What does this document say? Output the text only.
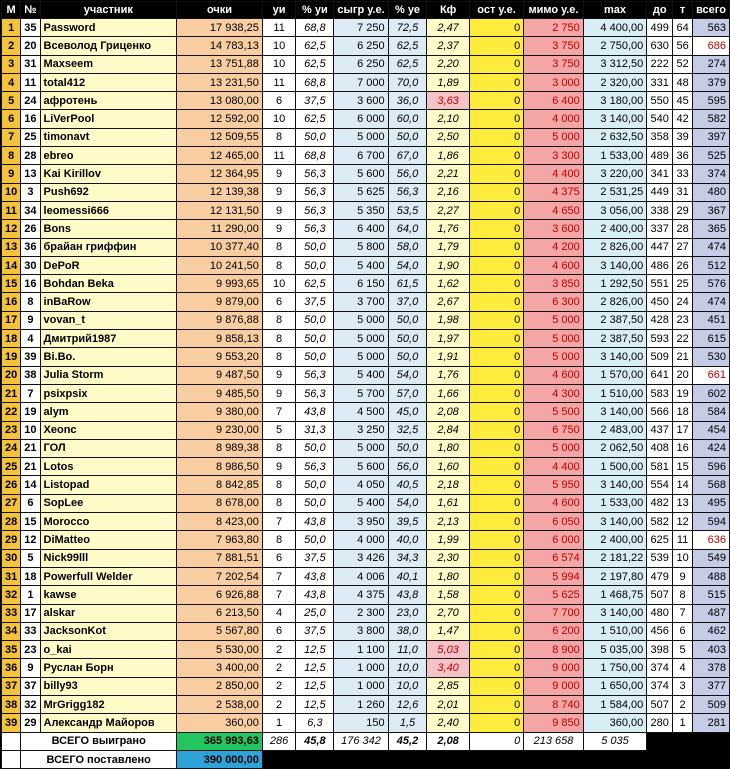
М	№	участник	очки	уи	% уи	сыгр у.е.	% уе	Кф	ост у.е.	мимо у.е.	max	до	т	всего
1	35	Password	17 938,25	11	68,8	7 250	72,5	2,47	0	2 750	4 400,00	499	64	563
2	20	Всеволод Гриценко	14 783,13	10	62,5	6 250	62,5	2,37	0	3 750	2 750,00	630	56	686
3	31	Maxseem	13 751,88	10	62,5	6 250	62,5	2,20	0	3 750	3 312,50	222	52	274
4	11	total412	13 231,50	11	68,8	7 000	70,0	1,89	0	3 000	2 320,00	331	48	379
5	24	афротень	13 080,00	6	37,5	3 600	36,0	3,63	0	6 400	3 180,00	550	45	595
6	16	LiVerPool	12 592,00	10	62,5	6 000	60,0	2,10	0	4 000	3 140,00	540	42	582
7	25	timonavt	12 509,55	8	50,0	5 000	50,0	2,50	0	5 000	2 632,50	358	39	397
8	28	ebreo	12 465,00	11	68,8	6 700	67,0	1,86	0	3 300	1 533,00	489	36	525
9	13	Kai Kirillov	12 364,95	9	56,3	5 600	56,0	2,21	0	4 400	3 220,00	341	33	374
10	3	Push692	12 139,38	9	56,3	5 625	56,3	2,16	0	4 375	2 531,25	449	31	480
11	34	leomessi666	12 131,50	9	56,3	5 350	53,5	2,27	0	4 650	3 056,00	338	29	367
12	26	Bons	11 290,00	9	56,3	6 400	64,0	1,76	0	3 600	2 400,00	337	28	365
13	36	брайан гриффин	10 377,40	8	50,0	5 800	58,0	1,79	0	4 200	2 826,00	447	27	474
14	30	DePoR	10 241,50	8	50,0	5 400	54,0	1,90	0	4 600	3 140,00	486	26	512
15	16	Bohdan Beka	9 993,65	10	62,5	6 150	61,5	1,62	0	3 850	1 292,50	551	25	576
16	8	inBaRow	9 879,00	6	37,5	3 700	37,0	2,67	0	6 300	2 826,00	450	24	474
17	9	vovan_t	9 876,88	8	50,0	5 000	50,0	1,98	0	5 000	2 387,50	428	23	451
18	4	Дмитрий1987	9 858,13	8	50,0	5 000	50,0	1,97	0	5 000	2 387,50	593	22	615
19	39	Bi.Bo.	9 553,20	8	50,0	5 000	50,0	1,91	0	5 000	3 140,00	509	21	530
20	38	Julia Storm	9 487,50	9	56,3	5 400	54,0	1,76	0	4 600	1 570,00	641	20	661
21	7	psixpsix	9 485,50	9	56,3	5 700	57,0	1,66	0	4 300	1 510,00	583	19	602
22	19	alym	9 380,00	7	43,8	4 500	45,0	2,08	0	5 500	3 140,00	566	18	584
23	10	Xeonc	9 230,00	5	31,3	3 250	32,5	2,84	0	6 750	2 483,00	437	17	454
24	21	ГОЛ	8 989,38	8	50,0	5 000	50,0	1,80	0	5 000	2 062,50	408	16	424
25	21	Lotos	8 986,50	9	56,3	5 600	56,0	1,60	0	4 400	1 500,00	581	15	596
26	14	Listopad	8 842,85	8	50,0	4 050	40,5	2,18	0	5 950	3 140,00	554	14	568
27	6	SopLee	8 678,00	8	50,0	5 400	54,0	1,61	0	4 600	1 533,00	482	13	495
28	15	Morocco	8 423,00	7	43,8	3 950	39,5	2,13	0	6 050	3 140,00	582	12	594
29	12	DiMatteo	7 963,80	8	50,0	4 000	40,0	1,99	0	6 000	2 400,00	625	11	636
30	5	Nick99lll	7 881,51	6	37,5	3 426	34,3	2,30	0	6 574	2 181,22	539	10	549
31	18	Powerfull Welder	7 202,54	7	43,8	4 006	40,1	1,80	0	5 994	2 197,80	479	9	488
32	1	kawse	6 926,88	7	43,8	4 375	43,8	1,58	0	5 625	1 468,75	507	8	515
33	17	alskar	6 213,50	4	25,0	2 300	23,0	2,70	0	7 700	3 140,00	480	7	487
34	33	JacksonKot	5 567,80	6	37,5	3 800	38,0	1,47	0	6 200	1 510,00	456	6	462
35	23	o_kai	5 530,00	2	12,5	1 100	11,0	5,03	0	8 900	5 035,00	398	5	403
36	9	Руслан Борн	3 400,00	2	12,5	1 000	10,0	3,40	0	9 000	1 750,00	374	4	378
37	37	billy93	2 850,00	2	12,5	1 000	10,0	2,85	0	9 000	1 650,00	374	3	377
38	32	MrGrigg182	2 538,00	2	12,5	1 260	12,6	2,01	0	8 740	1 584,00	507	2	509
39	29	Александр Майоров	360,00	1	6,3	150	1,5	2,40	0	9 850	360,00	280	1	281
	ВСЕГО выиграно		365 993,63	286	45,8	176 342	45,2	2,08	0	213 658	5 035			
	ВСЕГО поставлено		390 000,00											
